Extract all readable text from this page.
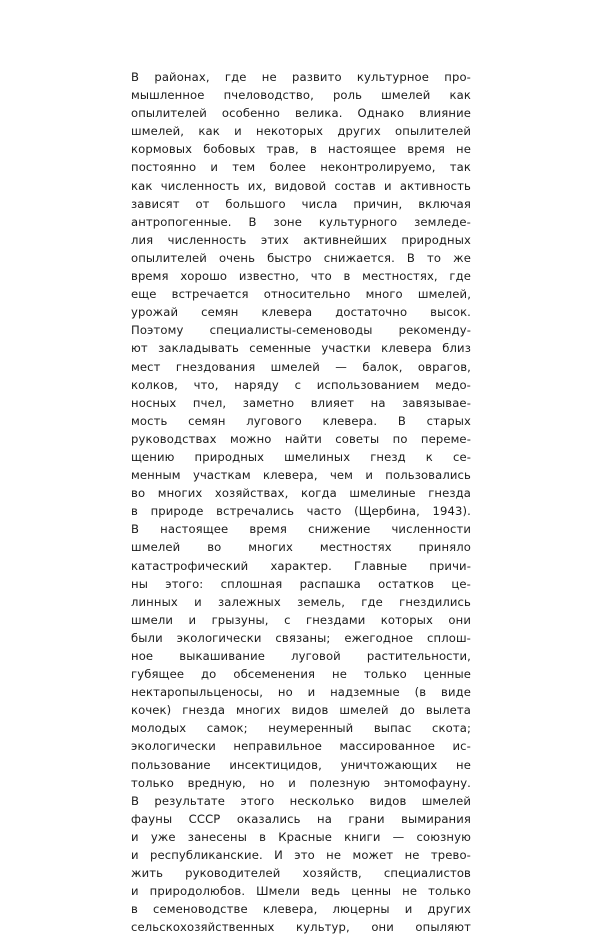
В районах, где не развито культурное про-
мышленное пчеловодство, роль шмелей как
опылителей особенно велика. Однако влияние
шмелей, как и некоторых других опылителей
кормовых бобовых трав, в настоящее время не
постоянно и тем более неконтролируемо, так
как численность их, видовой состав и активность
зависят от большого числа причин, включая
антропогенные. В зоне культурного земледе-
лия численность этих активнейших природных
опылителей очень быстро снижается. В то же
время хорошо известно, что в местностях, где
еще встречается относительно много шмелей,
урожай семян клевера достаточно высок.
Поэтому специалисты-семеноводы рекоменду-
ют закладывать семенные участки клевера близ
мест гнездования шмелей — балок, оврагов,
колков, что, наряду с использованием медо-
носных пчел, заметно влияет на завязывае-
мость семян лугового клевера. В старых
руководствах можно найти советы по переме-
щению природных шмелиных гнезд к се-
менным участкам клевера, чем и пользовались
во многих хозяйствах, когда шмелиные гнезда
в природе встречались часто (Щербина, 1943).
В настоящее время снижение численности
шмелей во многих местностях приняло
катастрофический характер. Главные причи-
ны этого: сплошная распашка остатков це-
линных и залежных земель, где гнездились
шмели и грызуны, с гнездами которых они
были экологически связаны; ежегодное сплош-
ное выкашивание луговой растительности,
губящее до обсеменения не только ценные
нектаропыльценосы, но и надземные (в виде
кочек) гнезда многих видов шмелей до вылета
молодых самок; неумеренный выпас скота;
экологически неправильное массированное ис-
пользование инсектицидов, уничтожающих не
только вредную, но и полезную энтомофауну.
В результате этого несколько видов шмелей
фауны СССР оказались на грани вымирания
и уже занесены в Красные книги — союзную
и республиканские. И это не может не трево-
жить руководителей хозяйств, специалистов
и природолюбов. Шмели ведь ценны не только
в семеноводстве клевера, люцерны и других
сельскохозяйственных культур, они опыляют
